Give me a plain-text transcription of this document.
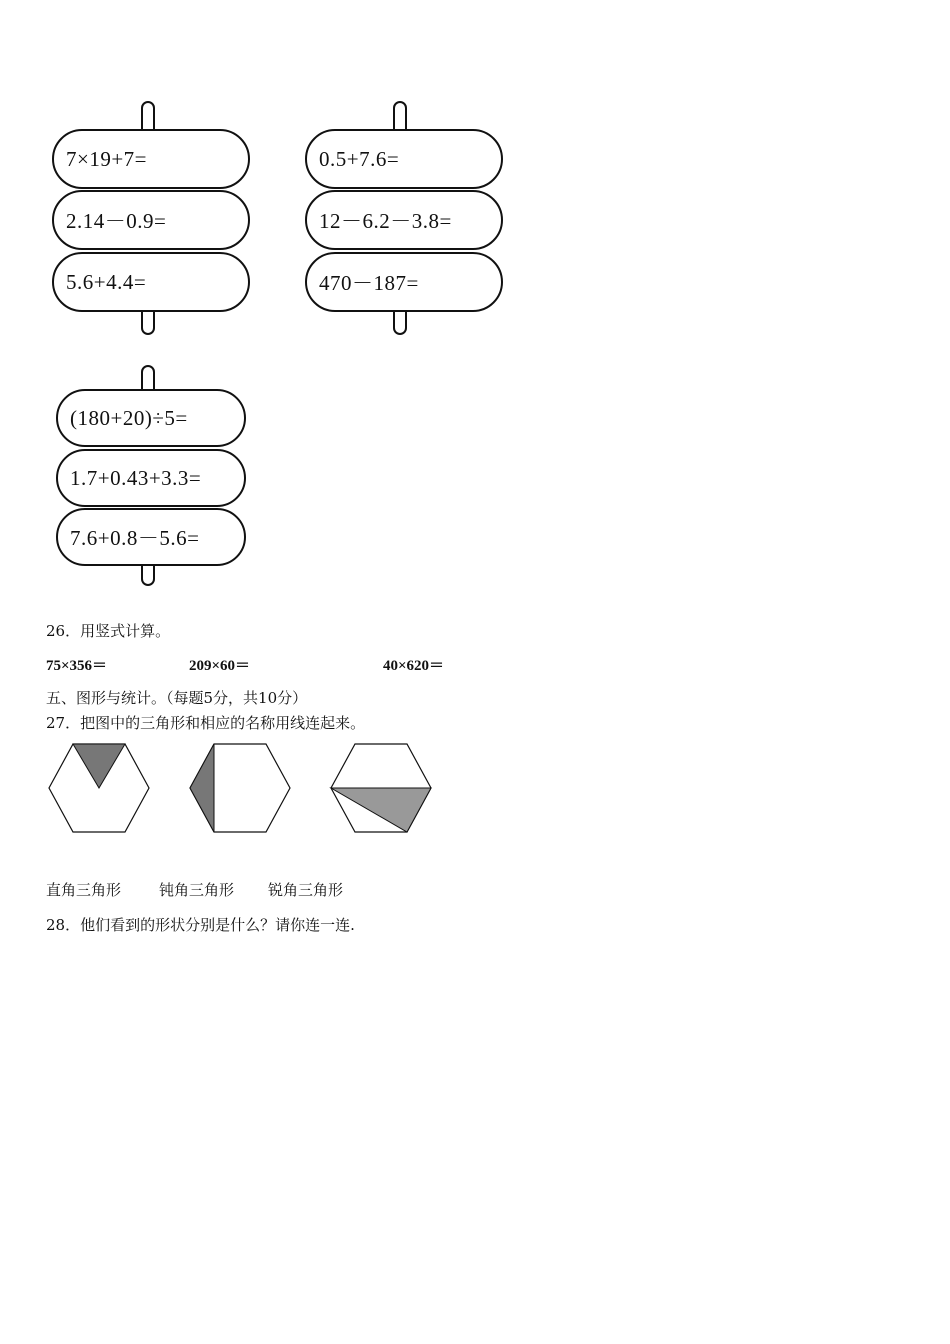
7×19+7=
2.14－0.9=
5.6+4.4=
0.5+7.6=
12－6.2－3.8=
470－187=
(180+20)÷5=
1.7+0.43+3.3=
7.6+0.8－5.6=
26．用竖式计算。
75×356＝	209×60＝	40×620＝
五、图形与统计。（每题5分，共10分）
27．把图中的三角形和相应的名称用线连起来。
直角三角形	钝角三角形 锐角三角形
28．他们看到的形状分别是什么？请你连一连.
